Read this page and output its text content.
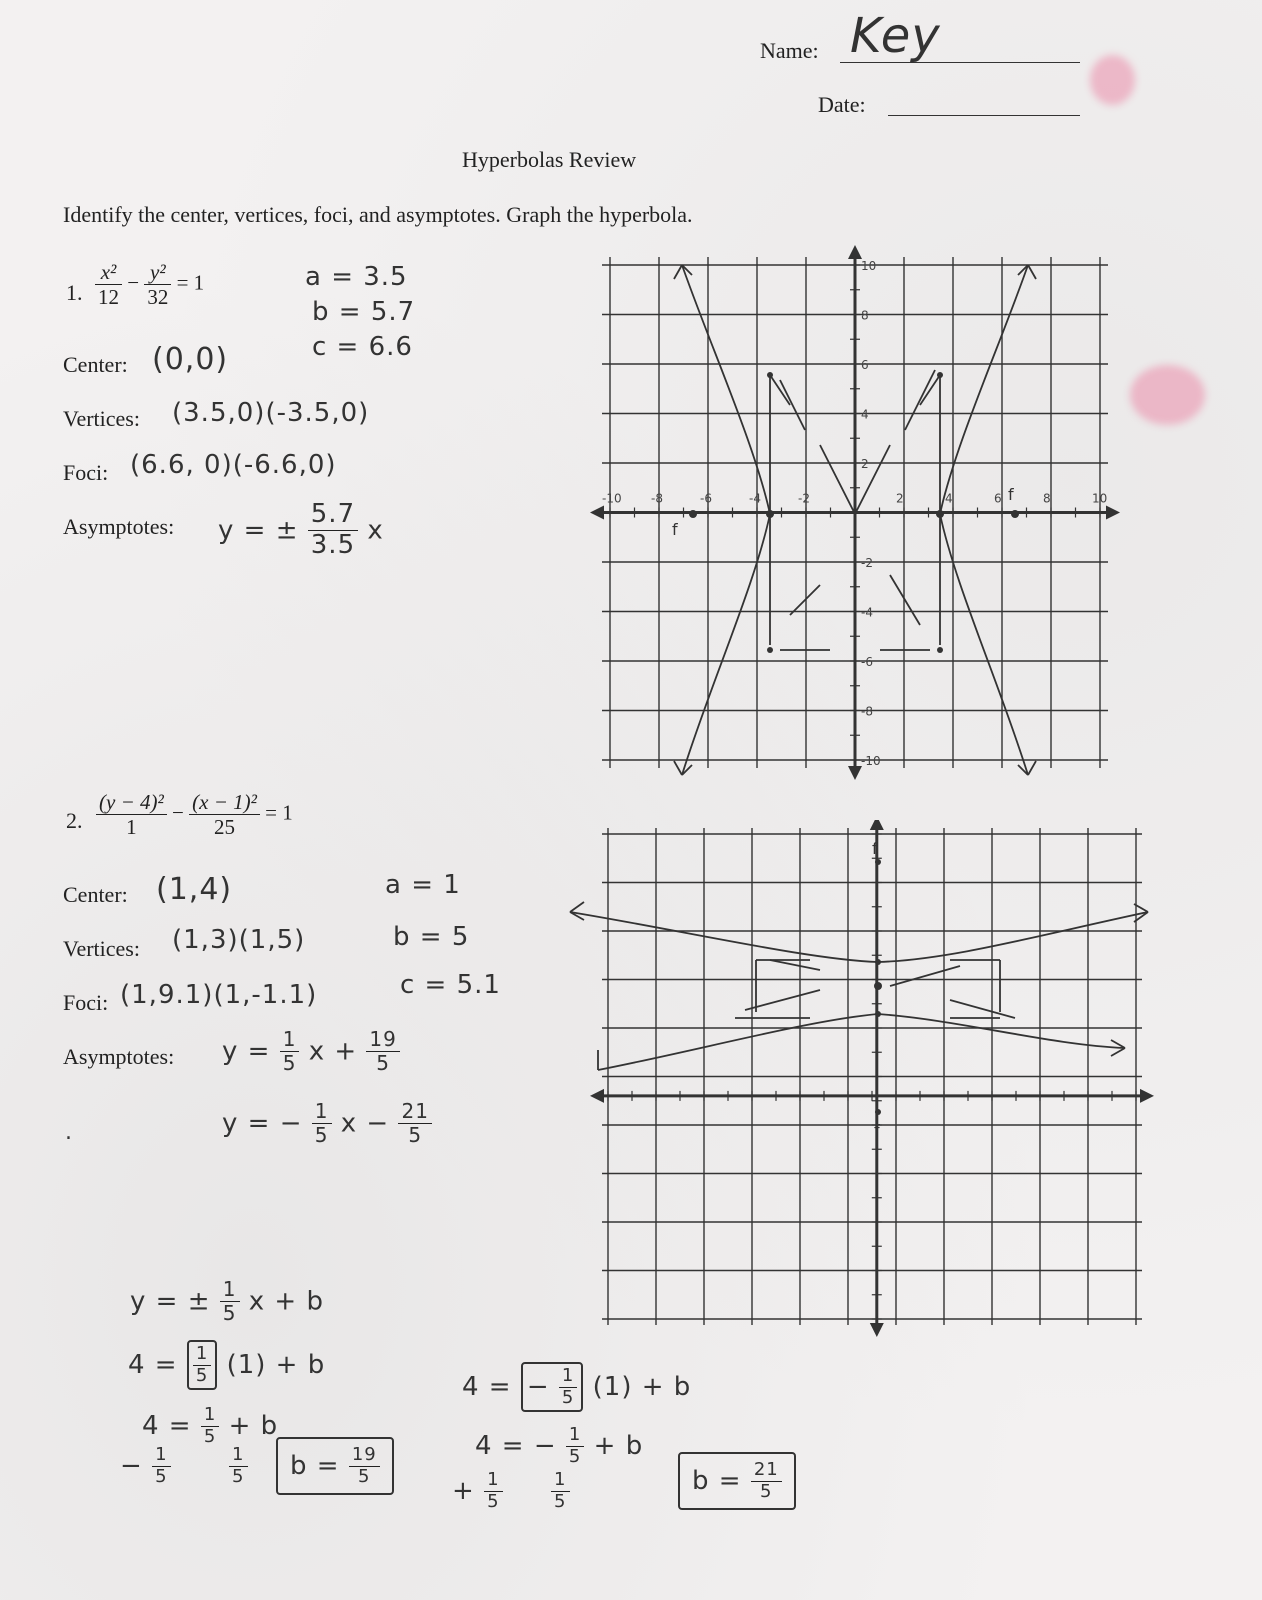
Name: Key
Date:
Hyperbolas Review
Identify the center, vertices, foci, and asymptotes. Graph the hyperbola.
1. $\frac{\text{x²}}{12} - \frac{\text{y²}}{32} = 1$	a = 3.5
b = 5.7
c = 6.6
Center: (0,0)
Vertices: (3.5,0)(-3.5,0)
Foci: (6.6, 0)(-6.6,0)
Asymptotes: y = ± $\frac{5.7}{3.5}$ x
-10 -8	-6	-4	-2	2	4	6	8	10
10
8
6
4
2
-2
-4
-6
-8
-10
f
f
2. $\frac{\text{(y − 4)²}}{1} - \frac{\text{(x − 1)²}}{25} = 1$
Center: (1,4)	a = 1
Vertices: (1,3)(1,5)	b = 5
Foci: (1,9.1)(1,-1.1)	c = 5.1
Asymptotes: $y = \frac{1}{5}$ $x + \frac{19}{5}$
.	y = − $\frac{1}{5}$ $x - \frac{21}{5}$
f
f
y = ± $\frac{1}{5}$ x + b
$4 = \frac{1}{5} (1) + b$
$4 = \frac{1}{5} + b$
− $\frac{1}{5}$
	$\frac{1}{5}$	$b = \frac{19}{5}$
4 = − $\frac{1}{5} (1) + b$
4 = − $\frac{1}{5} + b$
+ $\frac{1}{5}$
	$\frac{1}{5}$	$b = \frac{21}{5}$
